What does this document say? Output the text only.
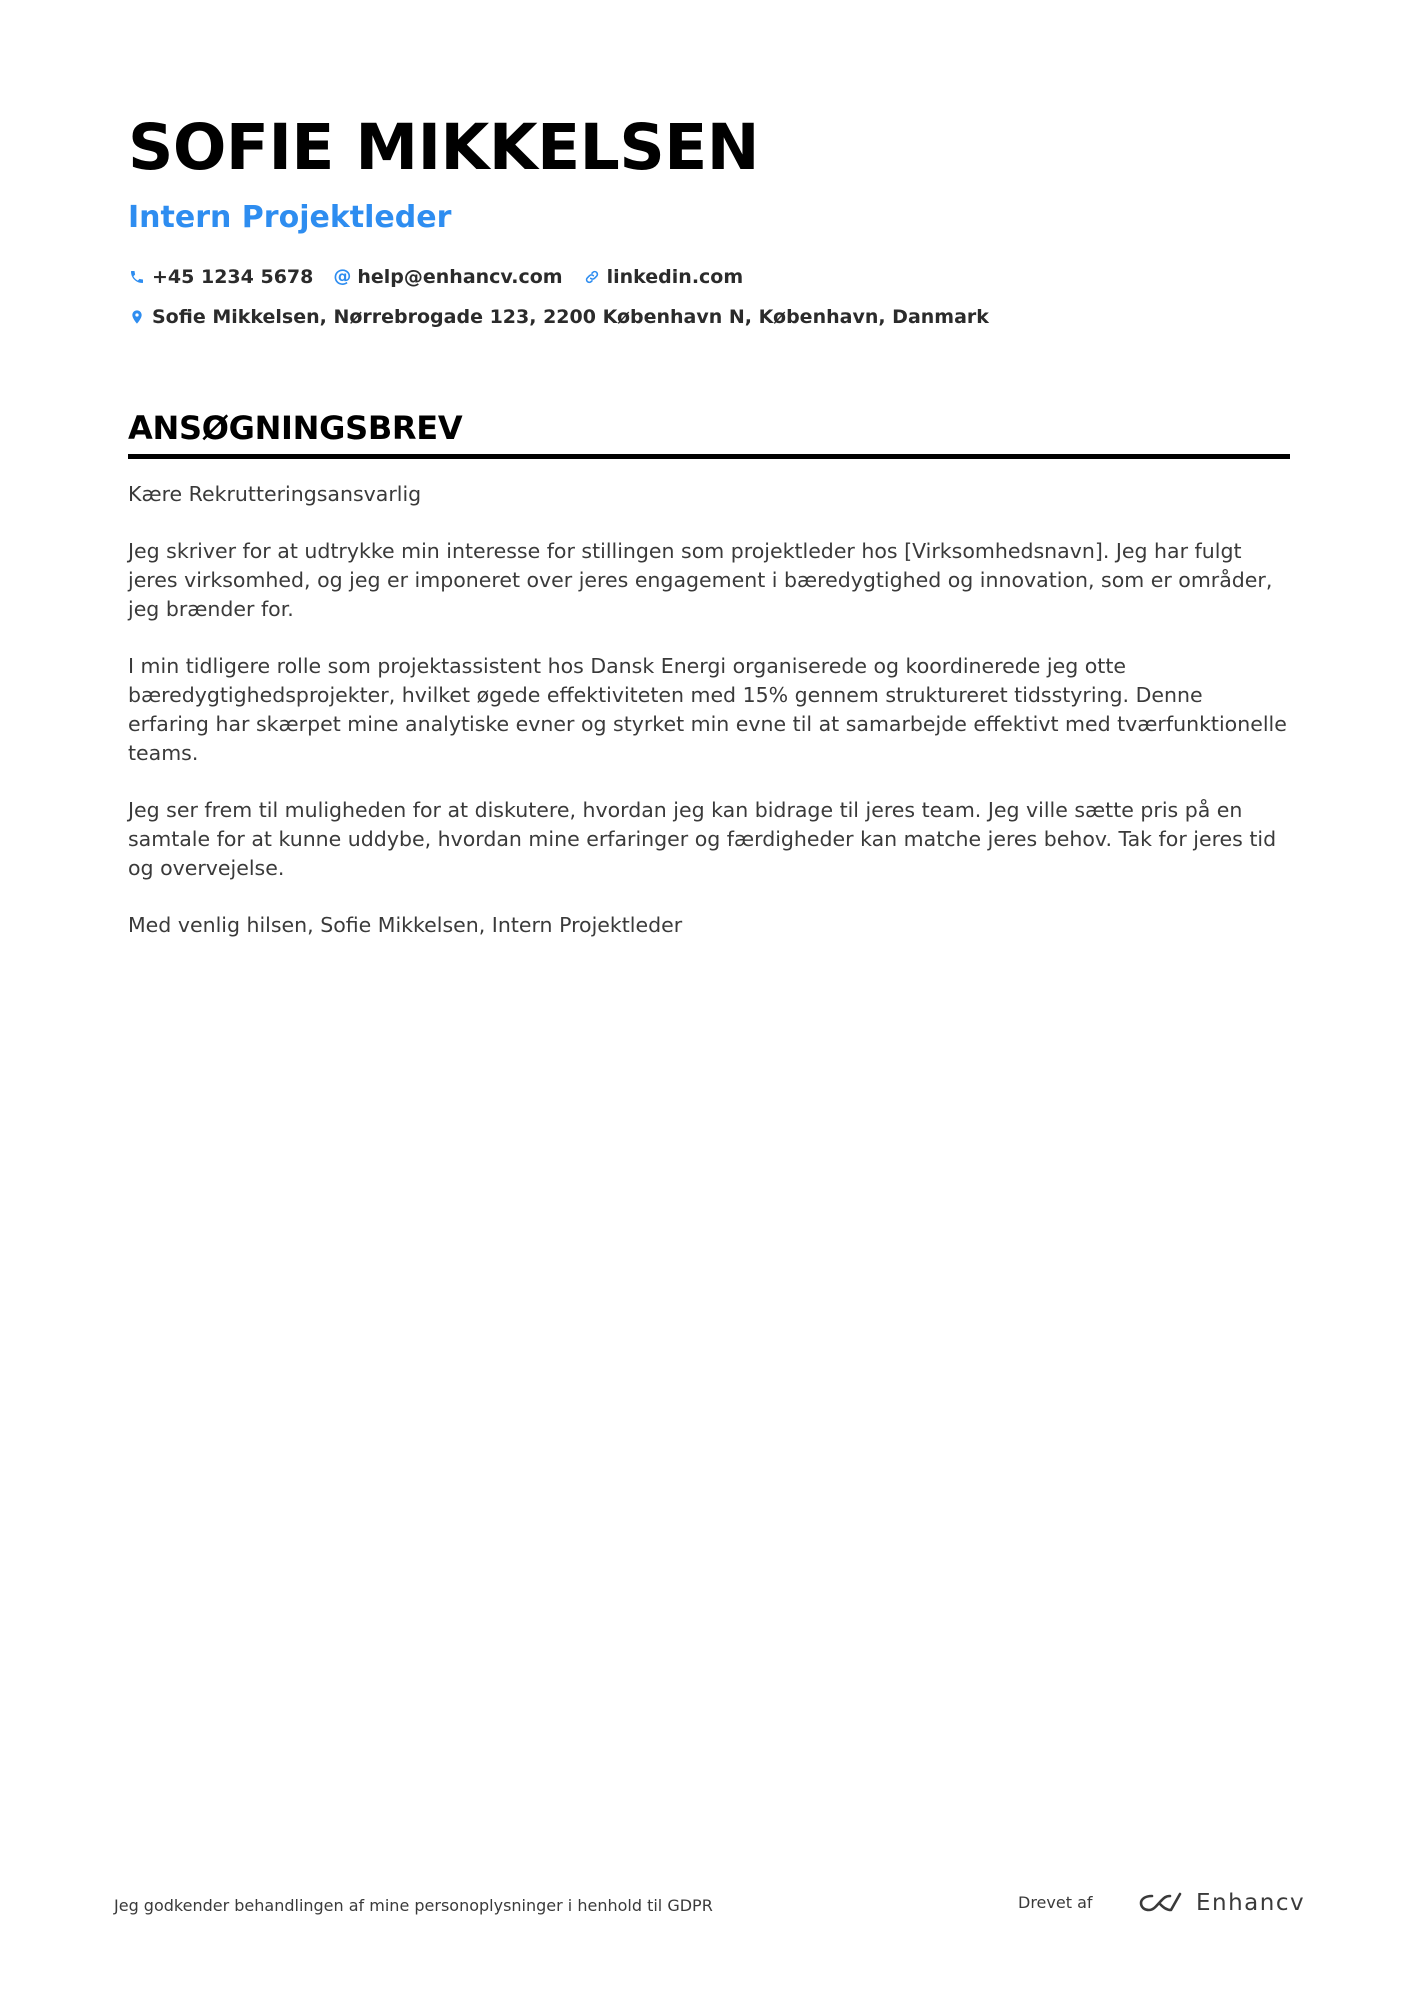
SOFIE MIKKELSEN
Intern Projektleder
+45 1234 5678 @ help@enhancv.com linkedin.com
Sofie Mikkelsen, Nørrebrogade 123, 2200 København N, København, Danmark
ANSØGNINGSBREV

Kære Rekrutteringsansvarlig

Jeg skriver for at udtrykke min interesse for stillingen som projektleder hos [Virksomhedsnavn]. Jeg har fulgt jeres virksomhed, og jeg er imponeret over jeres engagement i bæredygtighed og innovation, som er områder, jeg brænder for.

I min tidligere rolle som projektassistent hos Dansk Energi organiserede og koordinerede jeg otte bæredygtighedsprojekter, hvilket øgede effektiviteten med 15% gennem struktureret tidsstyring. Denne erfaring har skærpet mine analytiske evner og styrket min evne til at samarbejde effektivt med tværfunktionelle teams.

Jeg ser frem til muligheden for at diskutere, hvordan jeg kan bidrage til jeres team. Jeg ville sætte pris på en samtale for at kunne uddybe, hvordan mine erfaringer og færdigheder kan matche jeres behov. Tak for jeres tid og overvejelse.

Med venlig hilsen, Sofie Mikkelsen, Intern Projektleder

Jeg godkender behandlingen af mine personoplysninger i henhold til GDPR	Drevet af	Enhancv
